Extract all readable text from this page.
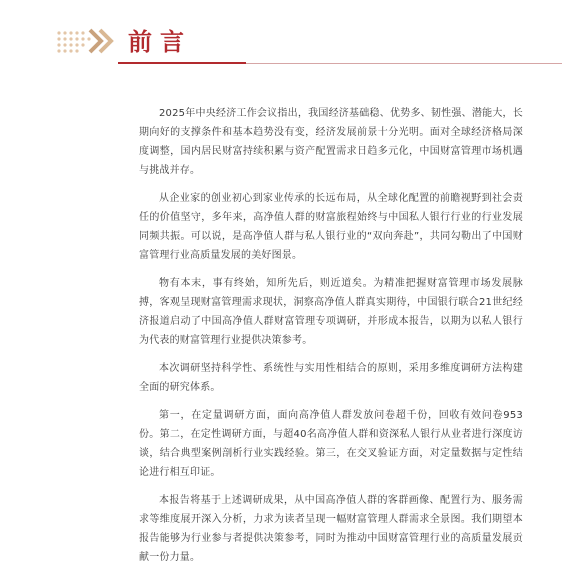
前言

2025年中央经济工作会议指出，我国经济基础稳、优势多、韧性强、潜能大，长期向好的支撑条件和基本趋势没有变，经济发展前景十分光明。面对全球经济格局深度调整，国内居民财富持续积累与资产配置需求日趋多元化，中国财富管理市场机遇与挑战并存。

从企业家的创业初心到家业传承的长远布局，从全球化配置的前瞻视野到社会责任的价值坚守，多年来，高净值人群的财富旅程始终与中国私人银行行业的行业发展同频共振。可以说，是高净值人群与私人银行业的“双向奔赴”，共同勾勒出了中国财富管理行业高质量发展的美好图景。

物有本末，事有终始，知所先后，则近道矣。为精准把握财富管理市场发展脉搏，客观呈现财富管理需求现状，洞察高净值人群真实期待，中国银行联合21世纪经济报道启动了中国高净值人群财富管理专项调研，并形成本报告，以期为以私人银行为代表的财富管理行业提供决策参考。

本次调研坚持科学性、系统性与实用性相结合的原则，采用多维度调研方法构建全面的研究体系。

第一，在定量调研方面，面向高净值人群发放问卷超千份，回收有效问卷953份。第二，在定性调研方面，与超40名高净值人群和资深私人银行从业者进行深度访谈，结合典型案例剖析行业实践经验。第三，在交叉验证方面，对定量数据与定性结论进行相互印证。

本报告将基于上述调研成果，从中国高净值人群的客群画像、配置行为、服务需求等维度展开深入分析，力求为读者呈现一幅财富管理人群需求全景图。我们期望本报告能够为行业参与者提供决策参考，同时为推动中国财富管理行业的高质量发展贡献一份力量。
